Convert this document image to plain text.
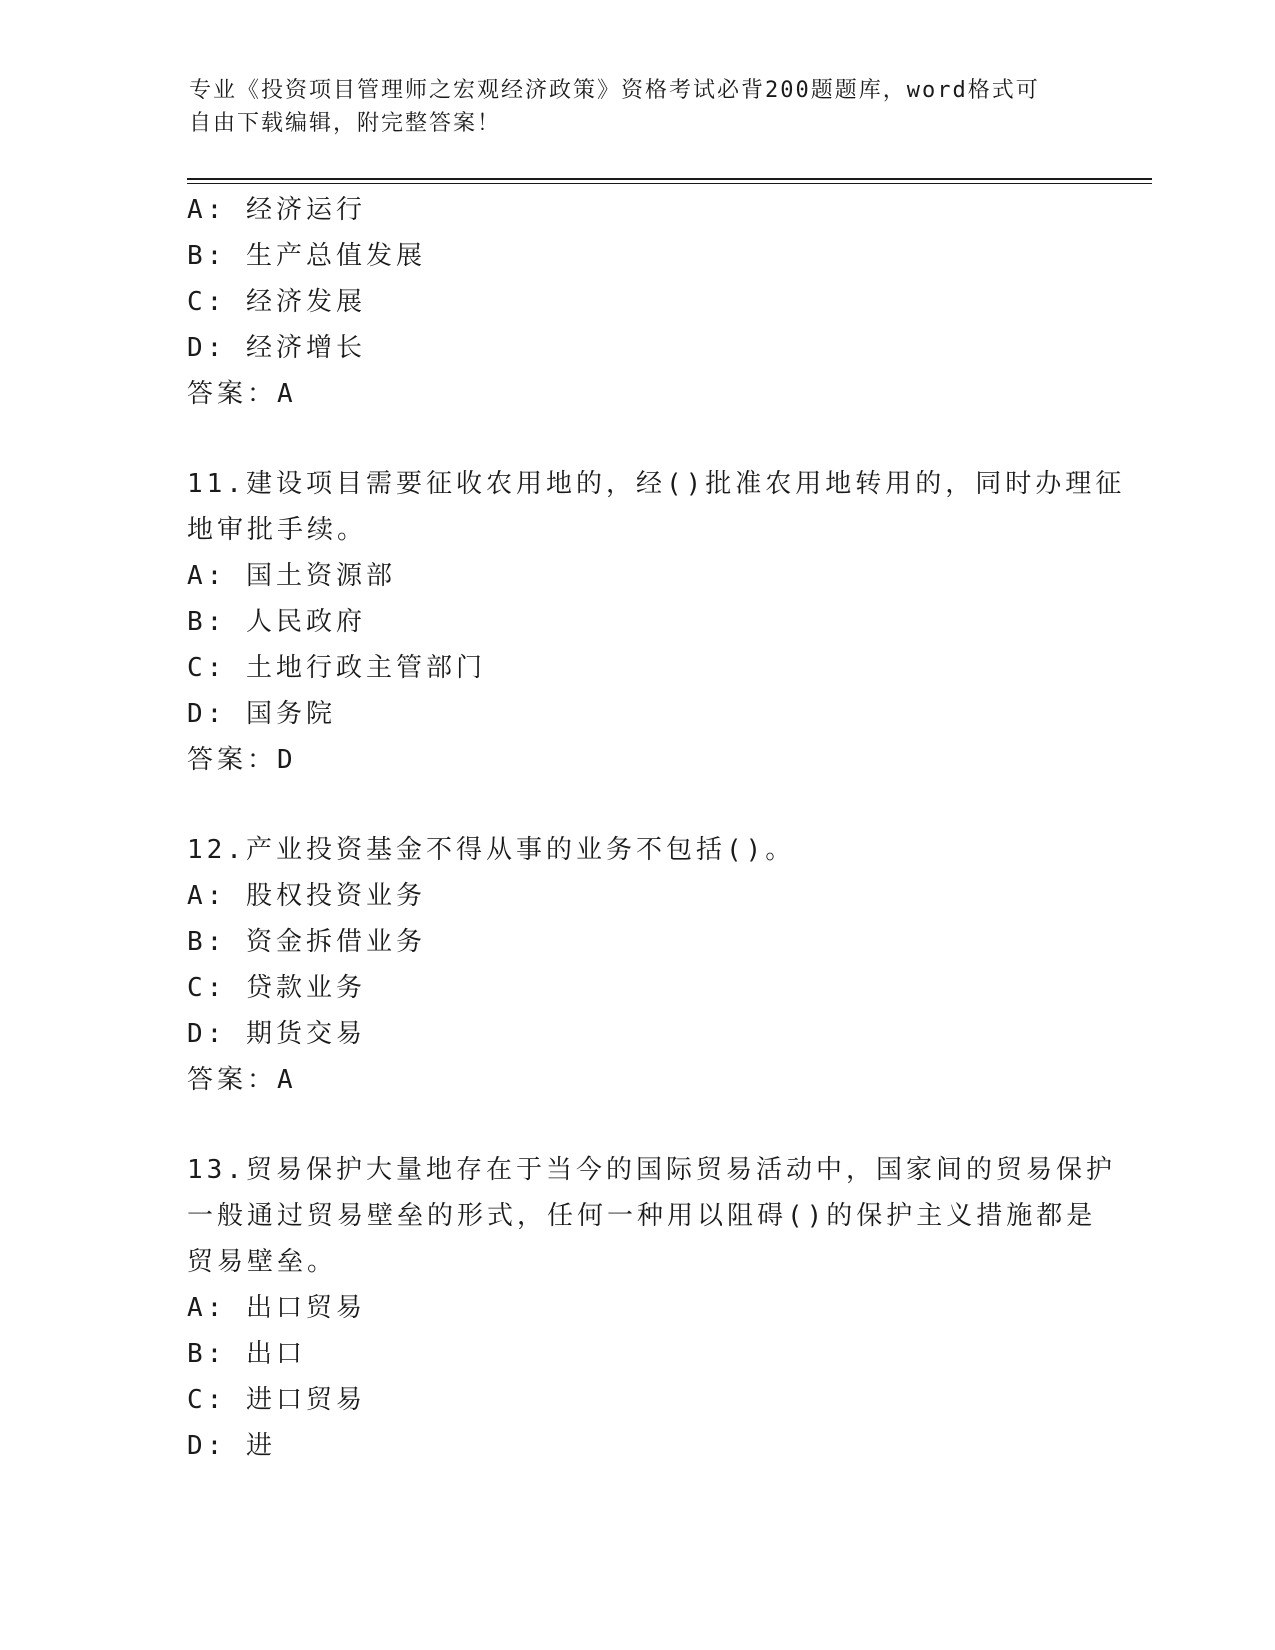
专业《投资项目管理师之宏观经济政策》资格考试必背200题题库，word格式可
自由下载编辑，附完整答案！
A: 经济运行
B: 生产总值发展
C: 经济发展
D: 经济增长
答案：A
11.建设项目需要征收农用地的，经()批准农用地转用的，同时办理征
地审批手续。
A: 国土资源部
B: 人民政府
C: 土地行政主管部门
D: 国务院
答案：D
12.产业投资基金不得从事的业务不包括()。
A: 股权投资业务
B: 资金拆借业务
C: 贷款业务
D: 期货交易
答案：A
13.贸易保护大量地存在于当今的国际贸易活动中，国家间的贸易保护
一般通过贸易壁垒的形式，任何一种用以阻碍()的保护主义措施都是
贸易壁垒。
A: 出口贸易
B: 出口
C: 进口贸易
D: 进
